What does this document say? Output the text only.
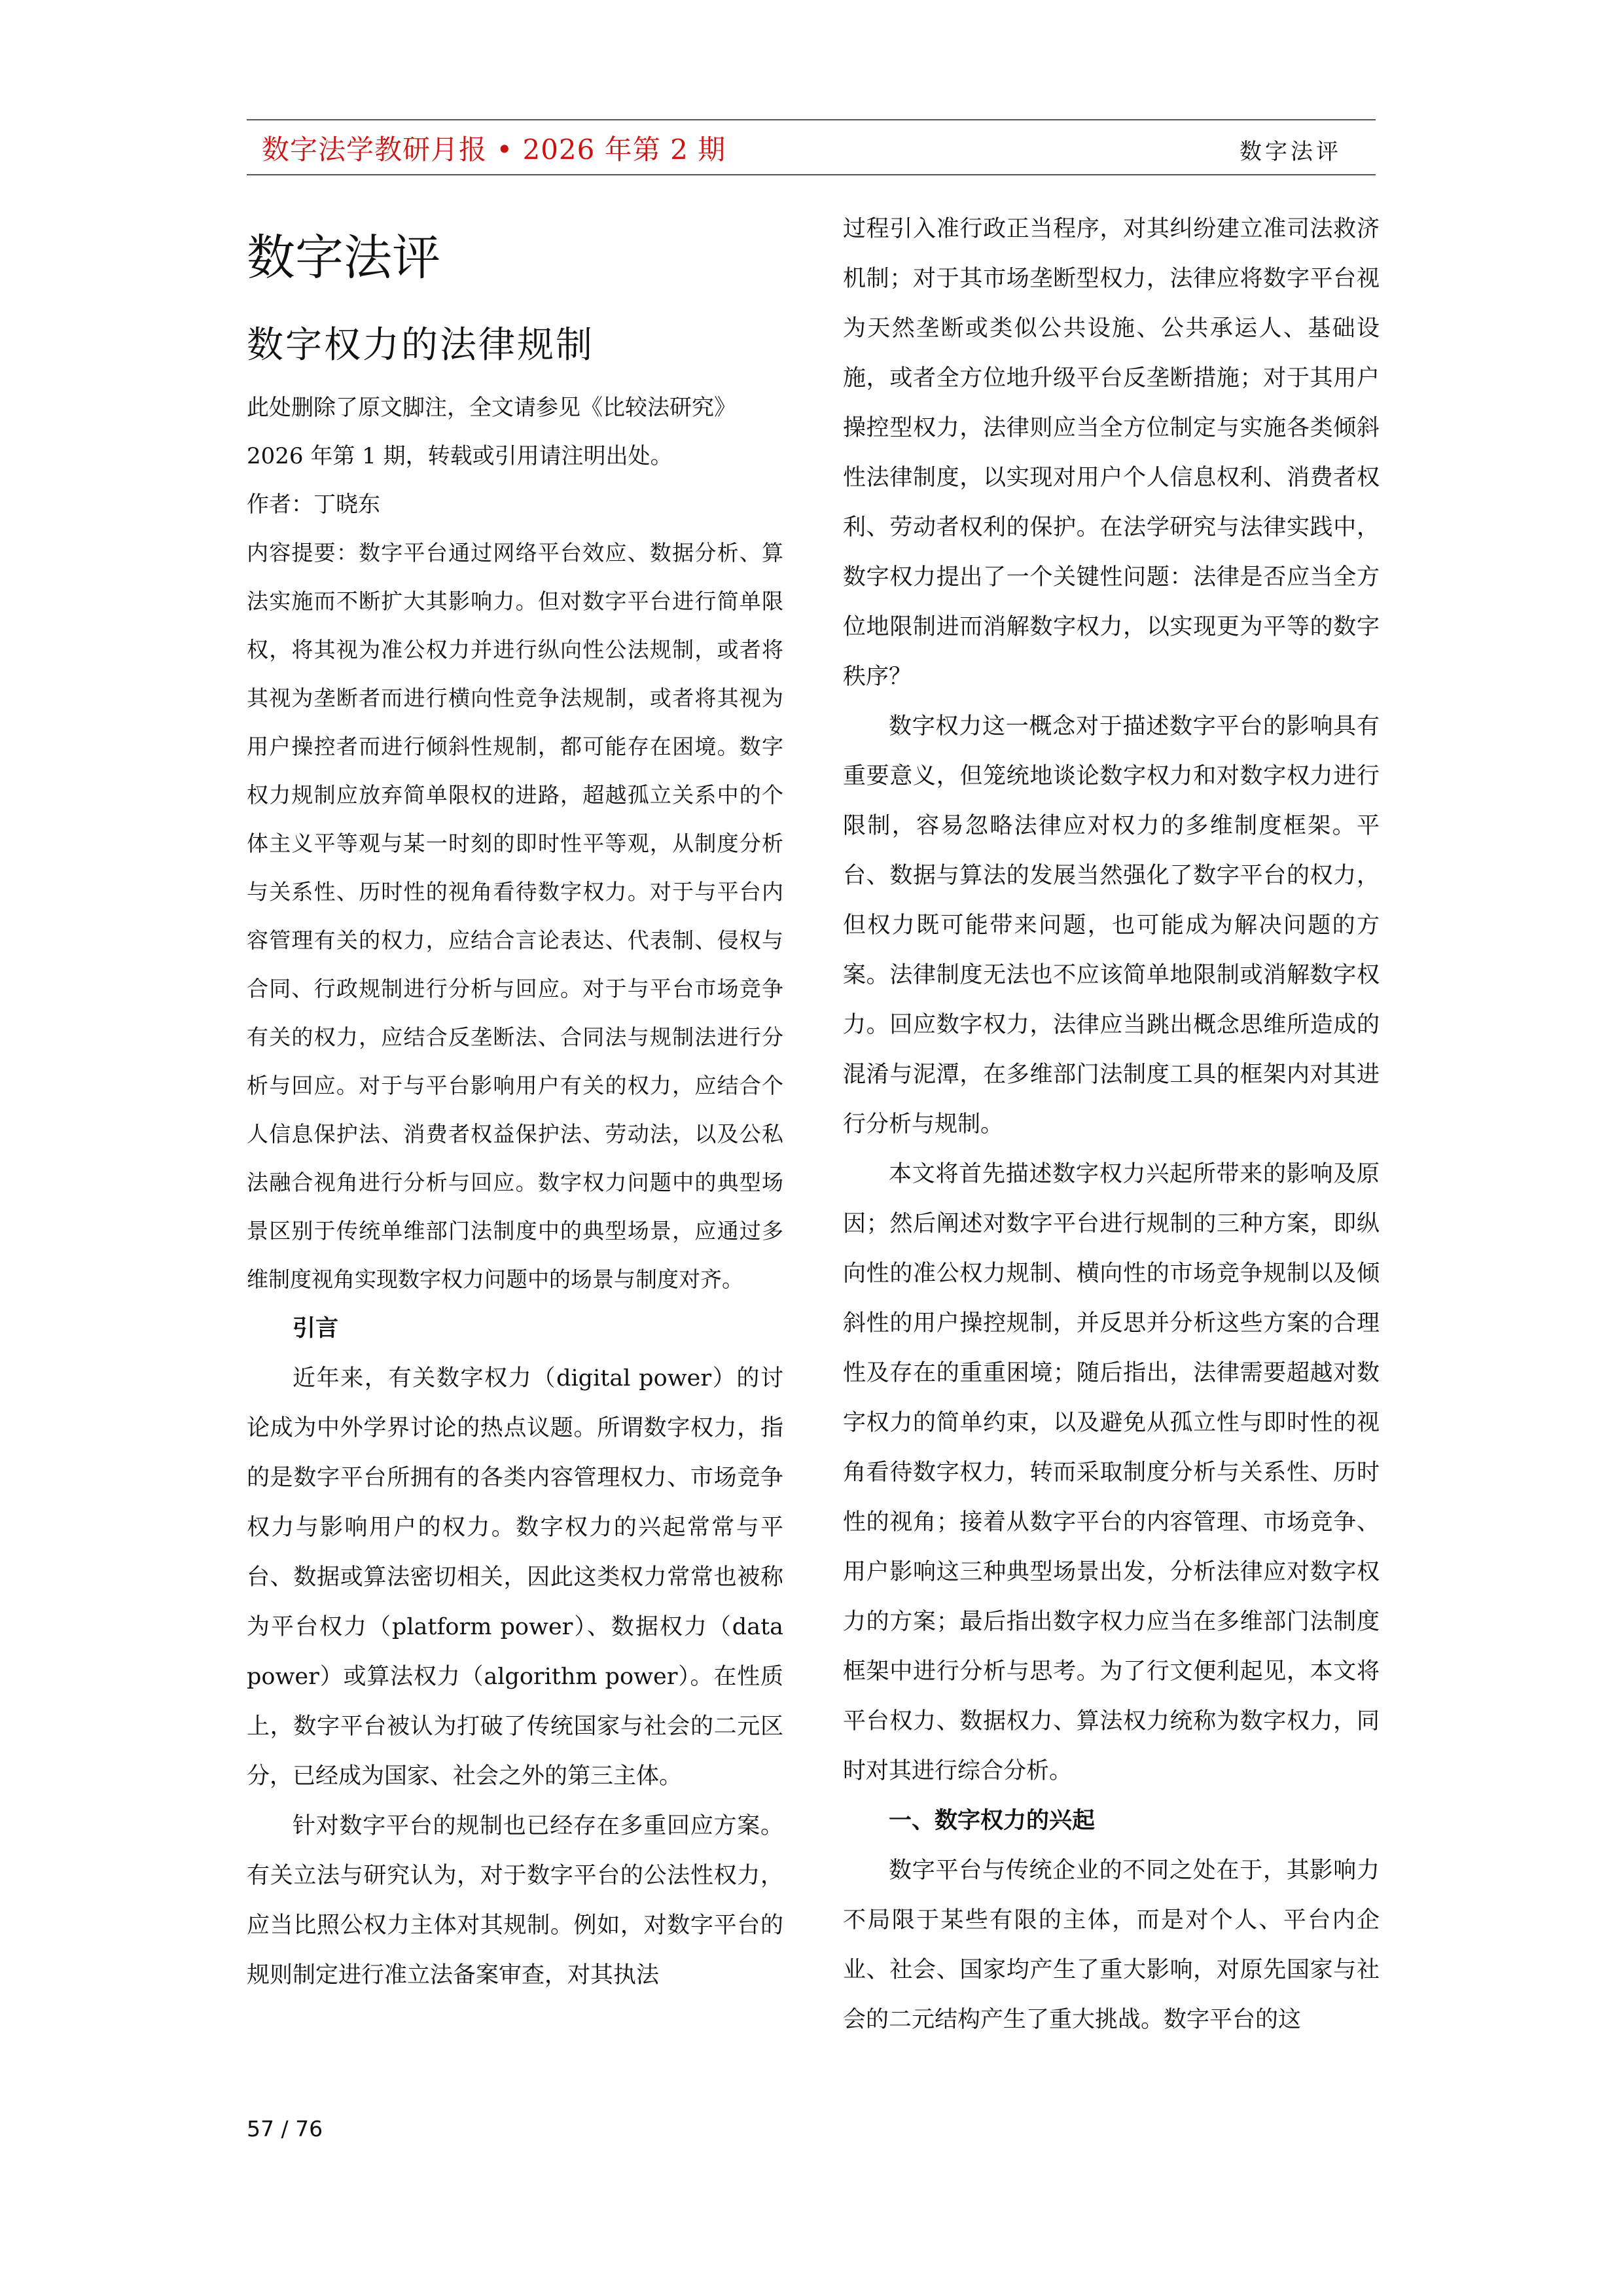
数字法学教研月报 • 2026 年第 2 期	数字法评
数字法评
数字权力的法律规制

此处删除了原文脚注，全文请参见《比较法研究》2026 年第 1 期，转载或引用请注明出处。

作者：丁晓东

内容提要：数字平台通过网络平台效应、数据分析、算法实施而不断扩大其影响力。但对数字平台进行简单限权，将其视为准公权力并进行纵向性公法规制，或者将其视为垄断者而进行横向性竞争法规制，或者将其视为用户操控者而进行倾斜性规制，都可能存在困境。数字权力规制应放弃简单限权的进路，超越孤立关系中的个体主义平等观与某一时刻的即时性平等观，从制度分析与关系性、历时性的视角看待数字权力。对于与平台内容管理有关的权力，应结合言论表达、代表制、侵权与合同、行政规制进行分析与回应。对于与平台市场竞争有关的权力，应结合反垄断法、合同法与规制法进行分析与回应。对于与平台影响用户有关的权力，应结合个人信息保护法、消费者权益保护法、劳动法，以及公私法融合视角进行分析与回应。数字权力问题中的典型场景区别于传统单维部门法制度中的典型场景，应通过多维制度视角实现数字权力问题中的场景与制度对齐。

引言

近年来，有关数字权力（digital power）的讨论成为中外学界讨论的热点议题。所谓数字权力，指的是数字平台所拥有的各类内容管理权力、市场竞争权力与影响用户的权力。数字权力的兴起常常与平台、数据或算法密切相关，因此这类权力常常也被称为平台权力（platform power）、数据权力（data power）或算法权力（algorithm power）。在性质上，数字平台被认为打破了传统国家与社会的二元区分，已经成为国家、社会之外的第三主体。

针对数字平台的规制也已经存在多重回应方案。有关立法与研究认为，对于数字平台的公法性权力，应当比照公权力主体对其规制。例如，对数字平台的规则制定进行准立法备案审查，对其执法

过程引入准行政正当程序，对其纠纷建立准司法救济机制；对于其市场垄断型权力，法律应将数字平台视为天然垄断或类似公共设施、公共承运人、基础设施，或者全方位地升级平台反垄断措施；对于其用户操控型权力，法律则应当全方位制定与实施各类倾斜性法律制度，以实现对用户个人信息权利、消费者权利、劳动者权利的保护。在法学研究与法律实践中，数字权力提出了一个关键性问题：法律是否应当全方位地限制进而消解数字权力，以实现更为平等的数字秩序？

数字权力这一概念对于描述数字平台的影响具有重要意义，但笼统地谈论数字权力和对数字权力进行限制，容易忽略法律应对权力的多维制度框架。平台、数据与算法的发展当然强化了数字平台的权力，但权力既可能带来问题，也可能成为解决问题的方案。法律制度无法也不应该简单地限制或消解数字权力。回应数字权力，法律应当跳出概念思维所造成的混淆与泥潭，在多维部门法制度工具的框架内对其进行分析与规制。

本文将首先描述数字权力兴起所带来的影响及原因；然后阐述对数字平台进行规制的三种方案，即纵向性的准公权力规制、横向性的市场竞争规制以及倾斜性的用户操控规制，并反思并分析这些方案的合理性及存在的重重困境；随后指出，法律需要超越对数字权力的简单约束，以及避免从孤立性与即时性的视角看待数字权力，转而采取制度分析与关系性、历时性的视角；接着从数字平台的内容管理、市场竞争、用户影响这三种典型场景出发，分析法律应对数字权力的方案；最后指出数字权力应当在多维部门法制度框架中进行分析与思考。为了行文便利起见，本文将平台权力、数据权力、算法权力统称为数字权力，同时对其进行综合分析。

一、数字权力的兴起

数字平台与传统企业的不同之处在于，其影响力不局限于某些有限的主体，而是对个人、平台内企业、社会、国家均产生了重大影响，对原先国家与社会的二元结构产生了重大挑战。数字平台的这

57 / 76
